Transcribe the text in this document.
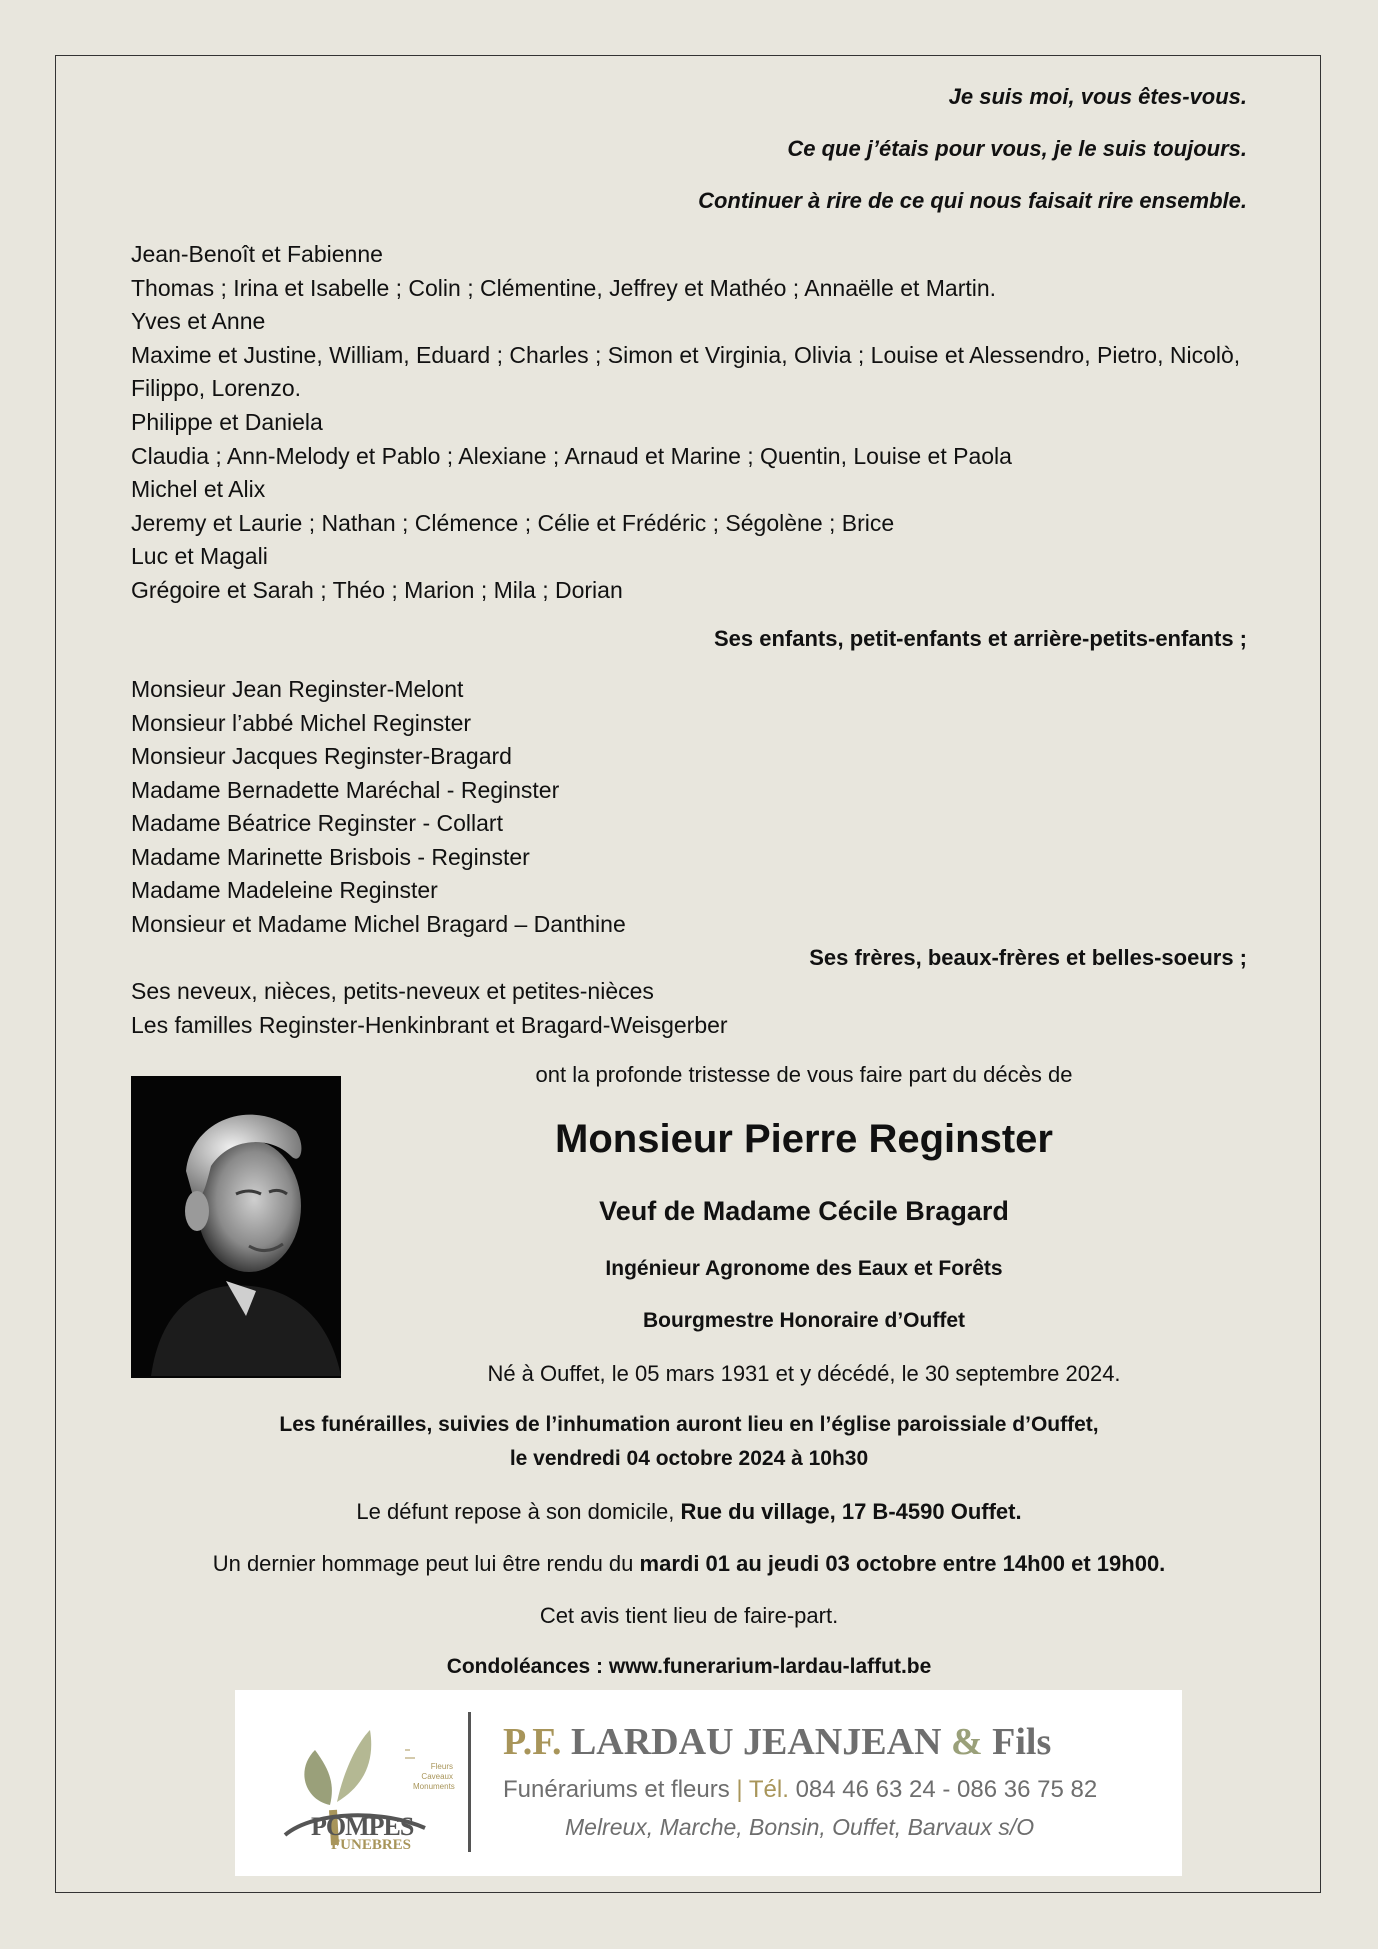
Je suis moi, vous êtes-vous.
Ce que j’étais pour vous, je le suis toujours.
Continuer à rire de ce qui nous faisait rire ensemble.
Jean-Benoît et Fabienne
Thomas ; Irina et Isabelle ; Colin ; Clémentine, Jeffrey et Mathéo ; Annaëlle et Martin.
Yves et Anne
Maxime et Justine, William, Eduard ; Charles ; Simon et Virginia, Olivia ; Louise et Alessendro, Pietro, Nicolò,
Filippo, Lorenzo.
Philippe et Daniela
Claudia ; Ann-Melody et Pablo ; Alexiane ; Arnaud et Marine ; Quentin, Louise et Paola
Michel et Alix
Jeremy et Laurie ; Nathan ; Clémence ; Célie et Frédéric ; Ségolène ; Brice
Luc et Magali
Grégoire et Sarah ; Théo ; Marion ; Mila ; Dorian
Ses enfants, petit-enfants et arrière-petits-enfants ;
Monsieur Jean Reginster-Melont
Monsieur l’abbé Michel Reginster
Monsieur Jacques Reginster-Bragard
Madame Bernadette Maréchal - Reginster
Madame Béatrice Reginster - Collart
Madame Marinette Brisbois - Reginster
Madame Madeleine Reginster
Monsieur et Madame Michel Bragard – Danthine
Ses frères, beaux-frères et belles-soeurs ;
Ses neveux, nièces, petits-neveux et petites-nièces
Les familles Reginster-Henkinbrant et Bragard-Weisgerber
ont la profonde tristesse de vous faire part du décès de
Monsieur Pierre Reginster
Veuf de Madame Cécile Bragard
Ingénieur Agronome des Eaux et Forêts
Bourgmestre Honoraire d’Ouffet
Né à Ouffet, le 05 mars 1931 et y décédé, le 30 septembre 2024.
Les funérailles, suivies de l’inhumation auront lieu en l’église paroissiale d’Ouffet,
le vendredi 04 octobre 2024 à 10h30
Le défunt repose à son domicile, Rue du village, 17 B-4590 Ouffet.
Un dernier hommage peut lui être rendu du mardi 01 au jeudi 03 octobre entre 14h00 et 19h00.
Cet avis tient lieu de faire-part.
Condoléances : www.funerarium-lardau-laffut.be
Fleurs
Caveaux
Monuments
POMPES
FUNEBRES
P.F. LARDAU JEANJEAN & Fils
Funérariums et fleurs | Tél. 084 46 63 24 - 086 36 75 82
Melreux, Marche, Bonsin, Ouffet, Barvaux s/O
